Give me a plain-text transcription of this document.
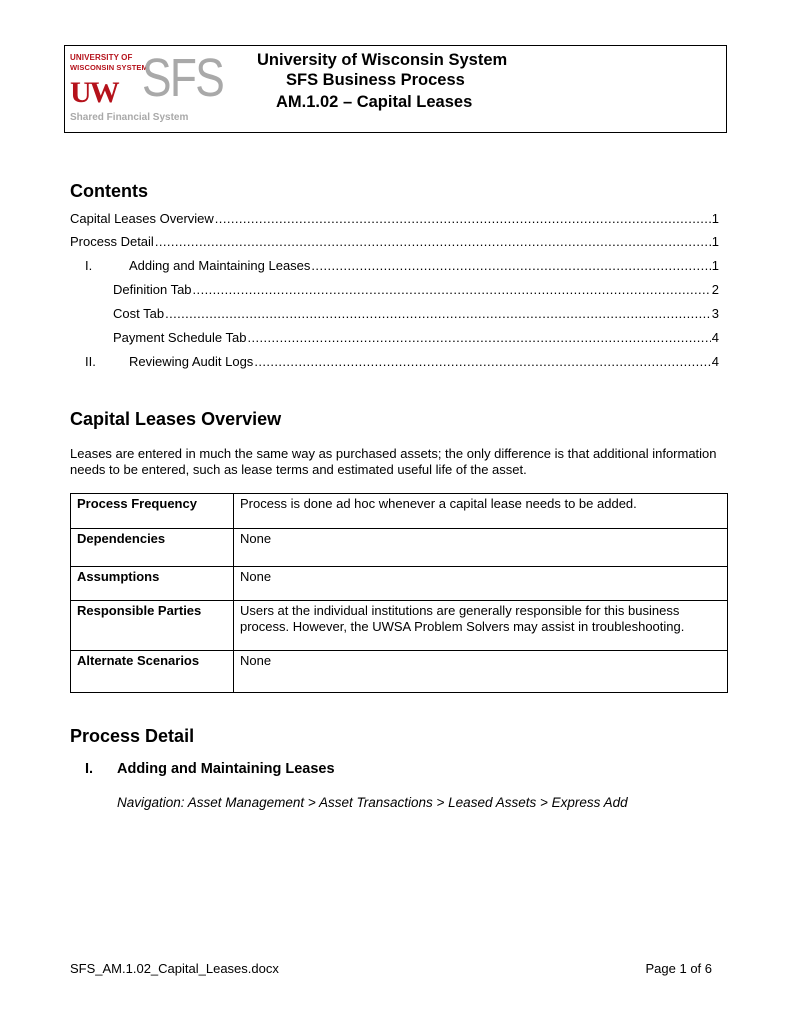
UNIVERSITY OF
WISCONSIN SYSTEM
UW SFS
Shared Financial System
University of Wisconsin System
SFS Business Process
AM.1.02 – Capital Leases
Contents
Capital Leases Overview .....	1
Process Detail .....	1
I.	Adding and Maintaining Leases .....	1
Definition Tab .....	2
Cost Tab .....	3
Payment Schedule Tab .....	4
II.	Reviewing Audit Logs .....	4
Capital Leases Overview
Leases are entered in much the same way as purchased assets; the only difference is that additional information needs to be entered, such as lease terms and estimated useful life of the asset.
Process Frequency	Process is done ad hoc whenever a capital lease needs to be added.
Dependencies	None
Assumptions	None
Responsible Parties	Users at the individual institutions are generally responsible for this business process. However, the UWSA Problem Solvers may assist in troubleshooting.
Alternate Scenarios	None
Process Detail
I. Adding and Maintaining Leases
Navigation: Asset Management > Asset Transactions > Leased Assets > Express Add
SFS_AM.1.02_Capital_Leases.docx	Page 1 of 6
